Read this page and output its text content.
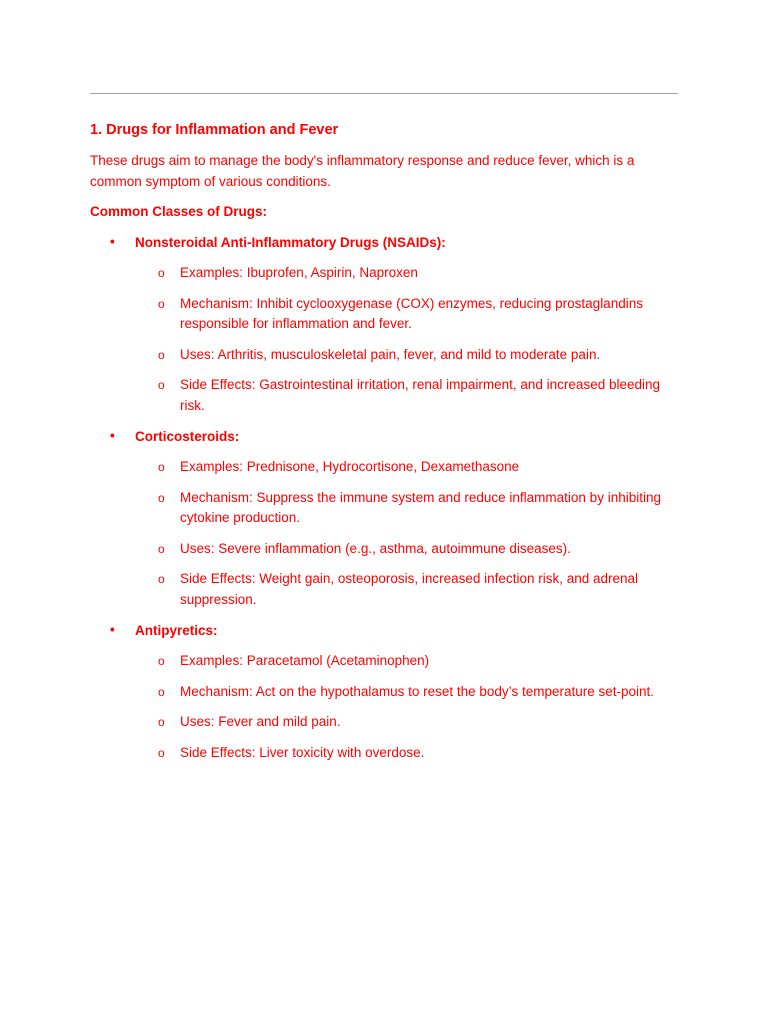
1. Drugs for Inflammation and Fever
These drugs aim to manage the body's inflammatory response and reduce fever, which is a common symptom of various conditions.
Common Classes of Drugs:
•	Nonsteroidal Anti-Inflammatory Drugs (NSAIDs):
o Examples: Ibuprofen, Aspirin, Naproxen
o Mechanism: Inhibit cyclooxygenase (COX) enzymes, reducing prostaglandins responsible for inflammation and fever.
o Uses: Arthritis, musculoskeletal pain, fever, and mild to moderate pain.
o Side Effects: Gastrointestinal irritation, renal impairment, and increased bleeding risk.
•	Corticosteroids:
o Examples: Prednisone, Hydrocortisone, Dexamethasone
o Mechanism: Suppress the immune system and reduce inflammation by inhibiting cytokine production.
o Uses: Severe inflammation (e.g., asthma, autoimmune diseases).
o Side Effects: Weight gain, osteoporosis, increased infection risk, and adrenal suppression.
•	Antipyretics:
o Examples: Paracetamol (Acetaminophen)
o Mechanism: Act on the hypothalamus to reset the body’s temperature set-point.
o Uses: Fever and mild pain.
o Side Effects: Liver toxicity with overdose.
